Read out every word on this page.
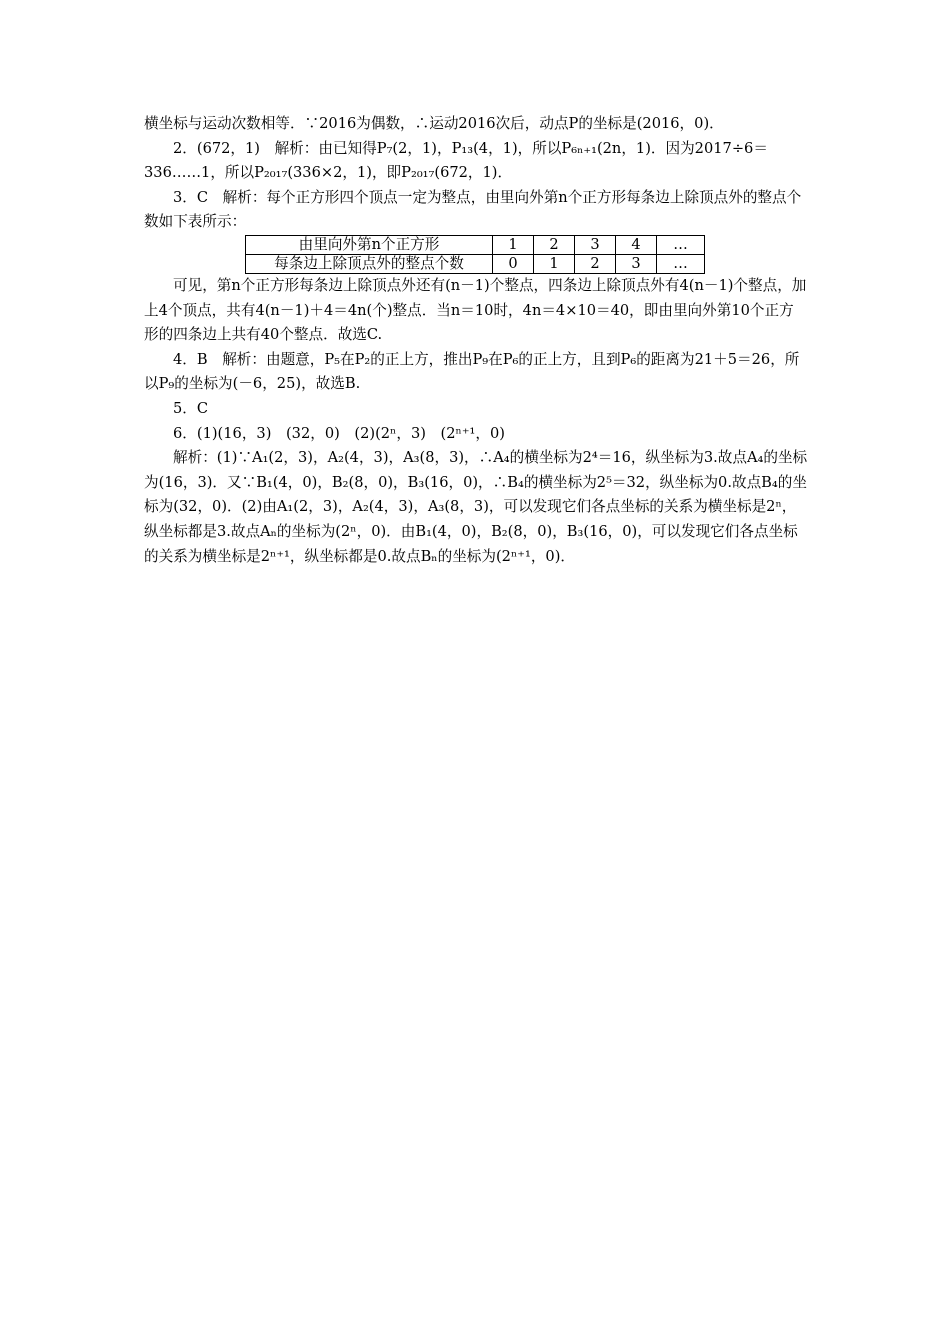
横坐标与运动次数相等．∵2016为偶数，∴运动2016次后，动点P的坐标是(2016，0)．

2．(672，1)　解析：由已知得P₇(2，1)，P₁₃(4，1)，所以P₆ₙ₊₁(2n，1)．因为2017÷6＝336……1，所以P₂₀₁₇(336×2，1)，即P₂₀₁₇(672，1)．

3．C　解析：每个正方形四个顶点一定为整点，由里向外第n个正方形每条边上除顶点外的整点个数如下表所示：

由里向外第n个正方形	1	2	3	4	…
每条边上除顶点外的整点个数	0	1	2	3	…

可见，第n个正方形每条边上除顶点外还有(n－1)个整点，四条边上除顶点外有4(n－1)个整点，加上4个顶点，共有4(n－1)＋4＝4n(个)整点．当n＝10时，4n＝4×10＝40，即由里向外第10个正方形的四条边上共有40个整点．故选C.

4．B　解析：由题意，P₅在P₂的正上方，推出P₉在P₆的正上方，且到P₆的距离为21＋5＝26，所以P₉的坐标为(－6，25)，故选B.

5．C

6．(1)(16，3)　(32，0)　(2)(2ⁿ，3)　(2ⁿ⁺¹，0)

解析：(1)∵A₁(2，3)，A₂(4，3)，A₃(8，3)，∴A₄的横坐标为2⁴＝16，纵坐标为3.故点A₄的坐标为(16，3)．又∵B₁(4，0)，B₂(8，0)，B₃(16，0)，∴B₄的横坐标为2⁵＝32，纵坐标为0.故点B₄的坐标为(32，0)．(2)由A₁(2，3)，A₂(4，3)，A₃(8，3)，可以发现它们各点坐标的关系为横坐标是2ⁿ，纵坐标都是3.故点Aₙ的坐标为(2ⁿ，0)．由B₁(4，0)，B₂(8，0)，B₃(16，0)，可以发现它们各点坐标的关系为横坐标是2ⁿ⁺¹，纵坐标都是0.故点Bₙ的坐标为(2ⁿ⁺¹，0)．
